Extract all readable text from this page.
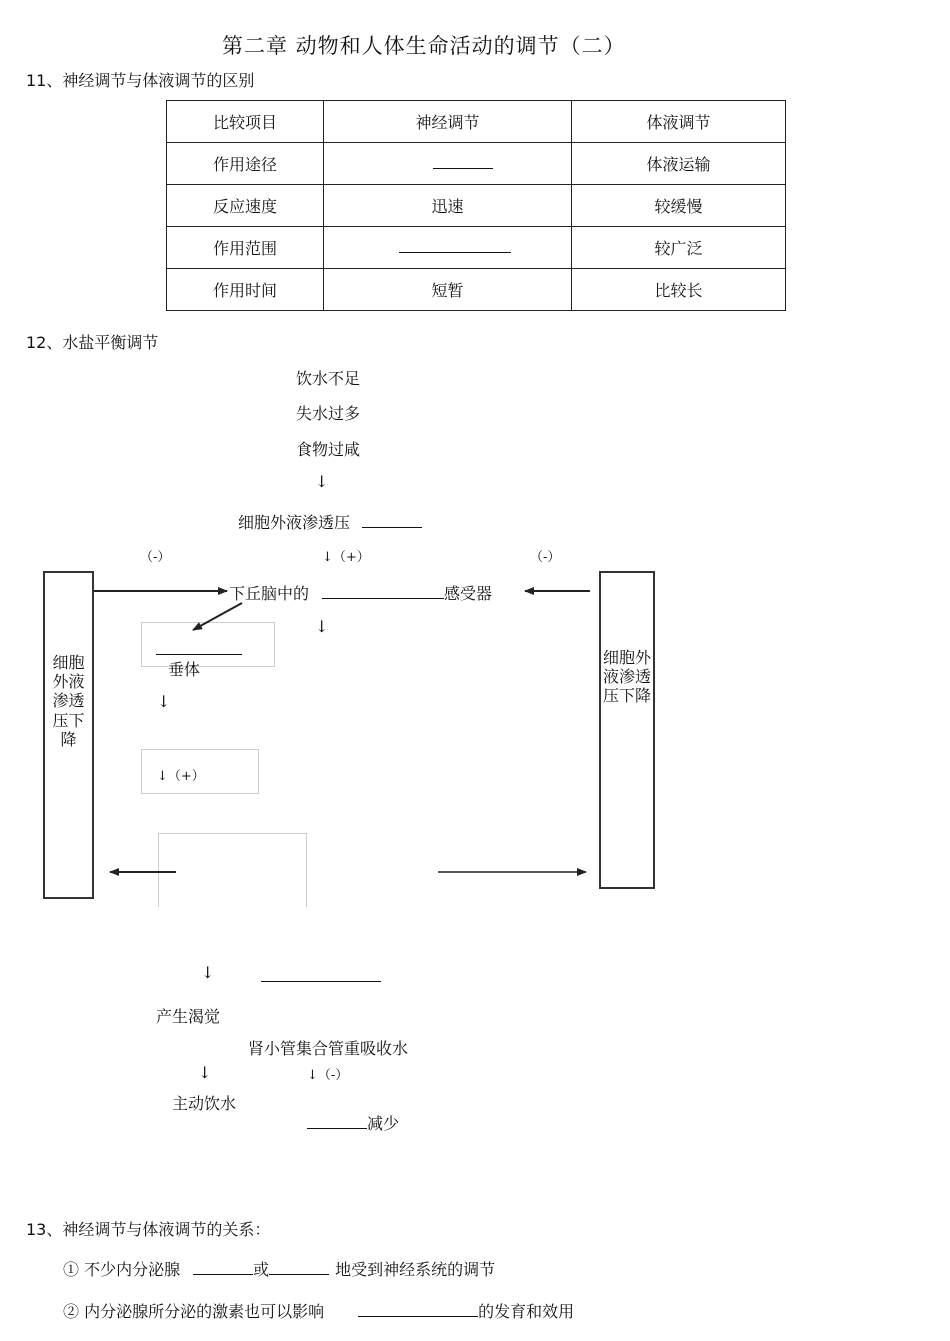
第二章 动物和人体生命活动的调节（二）
11、神经调节与体液调节的区别
比较项目	神经调节	体液调节
作用途径		体液运输
反应速度	迅速	较缓慢
作用范围		较广泛
作用时间	短暂	比较长
12、水盐平衡调节
饮水不足
失水过多
食物过咸
↓
细胞外液渗透压
（-）	↓（+）	（-）
下丘脑中的	感受器
↓
垂体
↓
↓（+）
细胞外液渗透压下降
细胞外液渗透压下降
↓
产生渴觉
肾小管集合管重吸收水
↓	↓（-）
主动饮水
减少
13、神经调节与体液调节的关系：
① 不少内分泌腺	或	地受到神经系统的调节
② 内分泌腺所分泌的激素也可以影响	的发育和效用
